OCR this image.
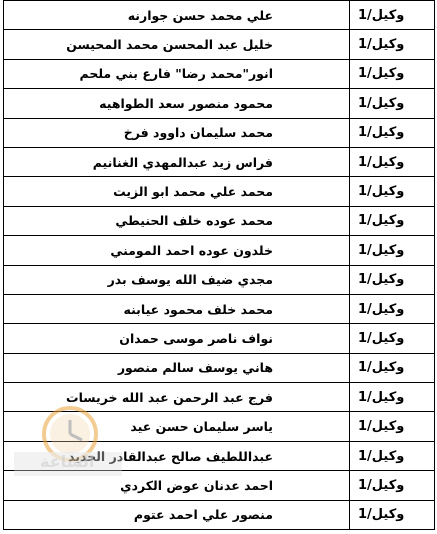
وكيل/1	علي محمد حسن جوارنه
وكيل/1	خليل عبد المحسن محمد المحيسن
وكيل/1	انور"محمد رضا" فارع بني ملحم
وكيل/1	محمود منصور سعد الطواهيه
وكيل/1	محمد سليمان داوود فرخ
وكيل/1	فراس زيد عبدالمهدي الغنانيم
وكيل/1	محمد علي محمد ابو الزيت
وكيل/1	محمد عوده خلف الحنيطي
وكيل/1	خلدون عوده احمد المومني
وكيل/1	مجدي ضيف الله يوسف بدر
وكيل/1	محمد خلف محمود عيابنه
وكيل/1	نواف ناصر موسى حمدان
وكيل/1	هاني يوسف سالم منصور
وكيل/1	فرج عبد الرحمن عبد الله خريسات
وكيل/1	ياسر سليمان حسن عيد
وكيل/1	عبداللطيف صالح عبدالقادر الحديد
وكيل/1	احمد عدنان عوض الكردي
وكيل/1	منصور علي احمد عتوم
الساعة
